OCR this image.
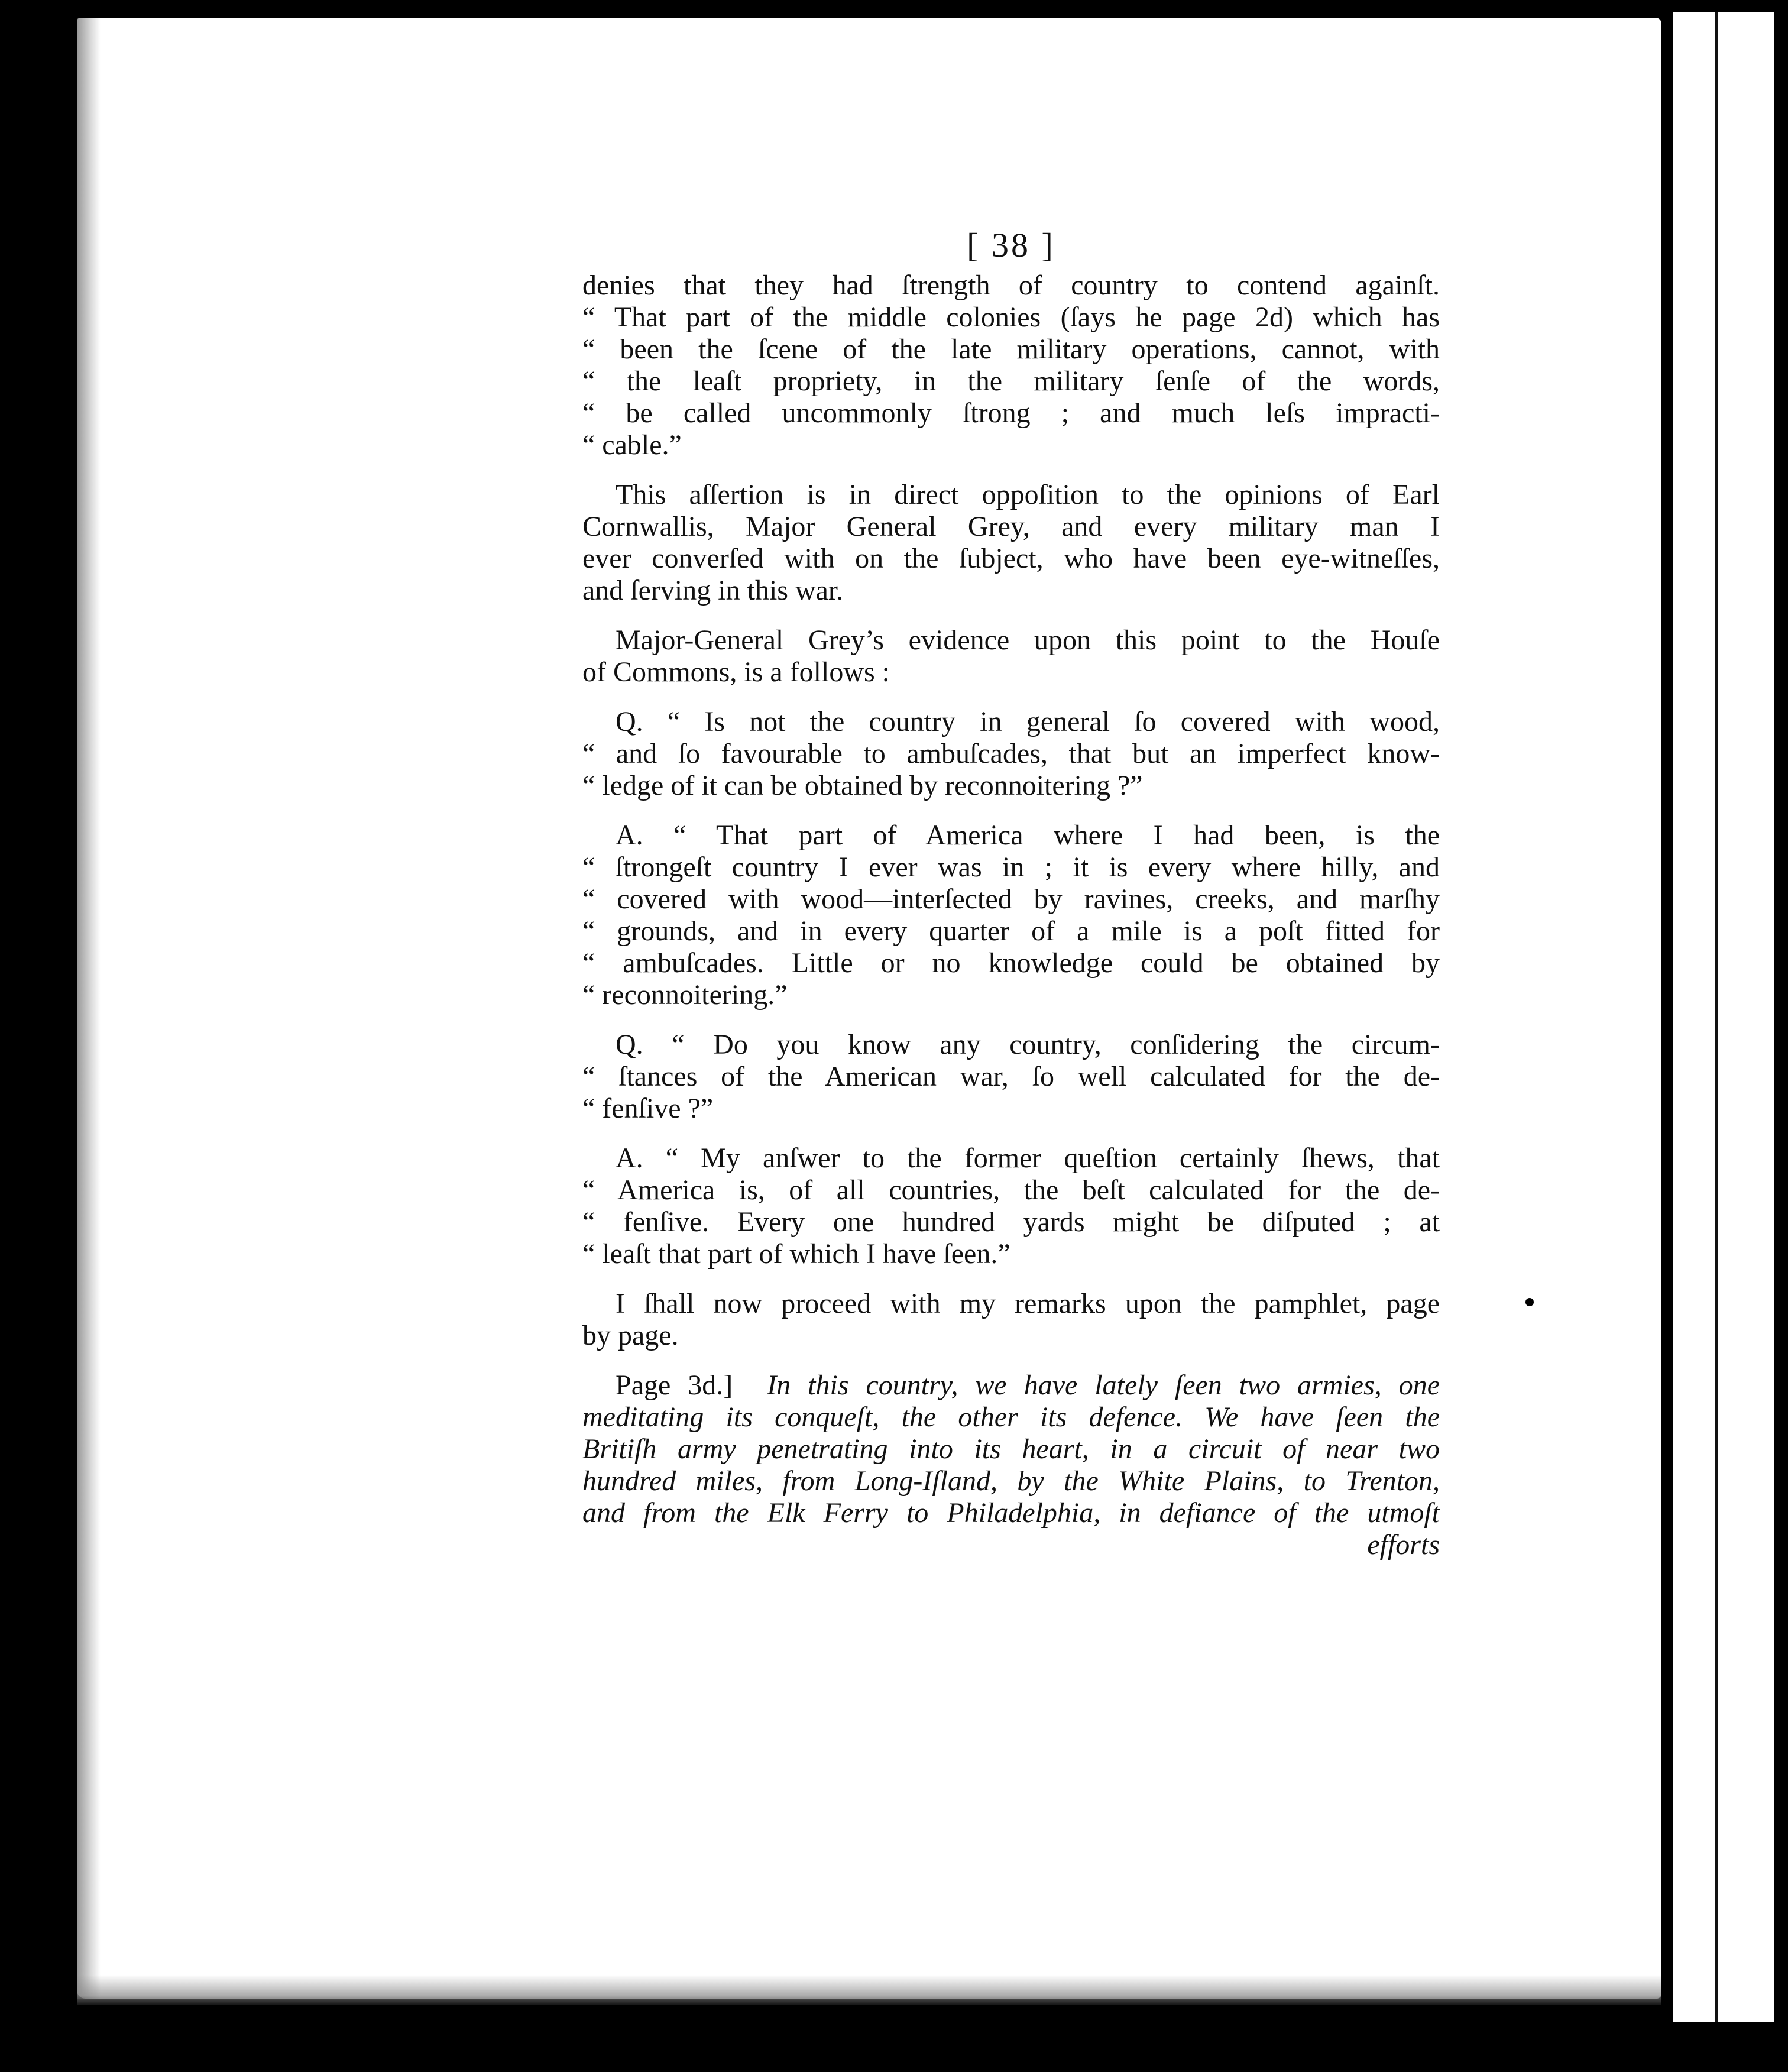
[ 38 ]
denies that they had ſtrength of country to contend againſt.
“ That part of the middle colonies (ſays he page 2d) which has
“ been the ſcene of the late military operations, cannot, with
“ the leaſt propriety, in the military ſenſe of the words,
“ be called uncommonly ſtrong ; and much leſs impracti-
“ cable.”
This aſſertion is in direct oppoſition to the opinions of Earl
Cornwallis, Major General Grey, and every military man I
ever converſed with on the ſubject, who have been eye-witneſſes,
and ſerving in this war.
Major-General Grey’s evidence upon this point to the Houſe
of Commons, is a follows :
Q. “ Is not the country in general ſo covered with wood,
“ and ſo favourable to ambuſcades, that but an imperfect know-
“ ledge of it can be obtained by reconnoitering ?”
A. “ That part of America where I had been, is the
“ ſtrongeſt country I ever was in ; it is every where hilly, and
“ covered with wood—interſected by ravines, creeks, and marſhy
“ grounds, and in every quarter of a mile is a poſt fitted for
“ ambuſcades. Little or no knowledge could be obtained by
“ reconnoitering.”
Q. “ Do you know any country, conſidering the circum-
“ ſtances of the American war, ſo well calculated for the de-
“ fenſive ?”
A. “ My anſwer to the former queſtion certainly ſhews, that
“ America is, of all countries, the beſt calculated for the de-
“ fenſive. Every one hundred yards might be diſputed ; at
“ leaſt that part of which I have ſeen.”
I ſhall now proceed with my remarks upon the pamphlet, page
by page.
Page 3d.] In this country, we have lately ſeen two armies, one
meditating its conqueſt, the other its defence. We have ſeen the
Britiſh army penetrating into its heart, in a circuit of near two
hundred miles, from Long-Iſland, by the White Plains, to Trenton,
and from the Elk Ferry to Philadelphia, in defiance of the utmoſt
efforts
